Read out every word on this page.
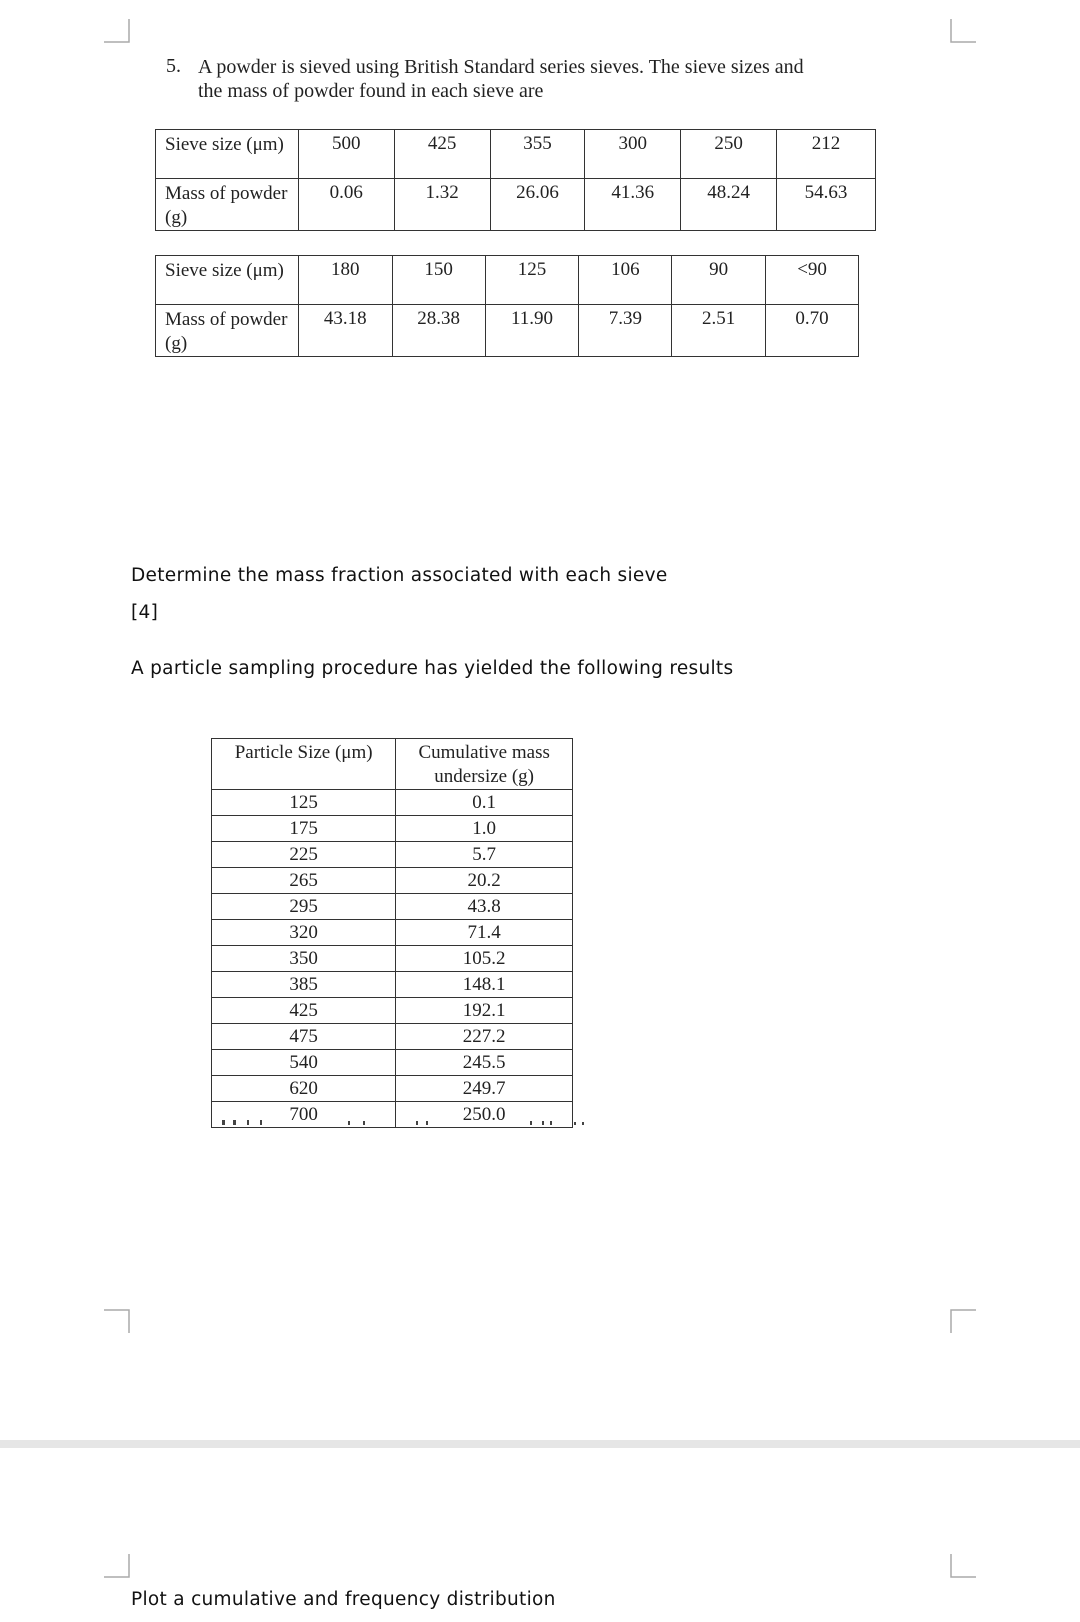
5. A powder is sieved using British Standard series sieves. The sieve sizes and
the mass of powder found in each sieve are
Sieve size (μm)	500	425	355	300	250	212
Mass of powder (g)	0.06	1.32	26.06	41.36	48.24	54.63
Sieve size (μm)	180	150	125	106	90	<90
Mass of powder (g)	43.18	28.38	11.90	7.39	2.51	0.70
Determine the mass fraction associated with each sieve
[4]
A particle sampling procedure has yielded the following results
Particle Size (μm)	Cumulative mass undersize (g)
125	0.1
175	1.0
225	5.7
265	20.2
295	43.8
320	71.4
350	105.2
385	148.1
425	192.1
475	227.2
540	245.5
620	249.7
700	250.0
Plot a cumulative and frequency distribution
